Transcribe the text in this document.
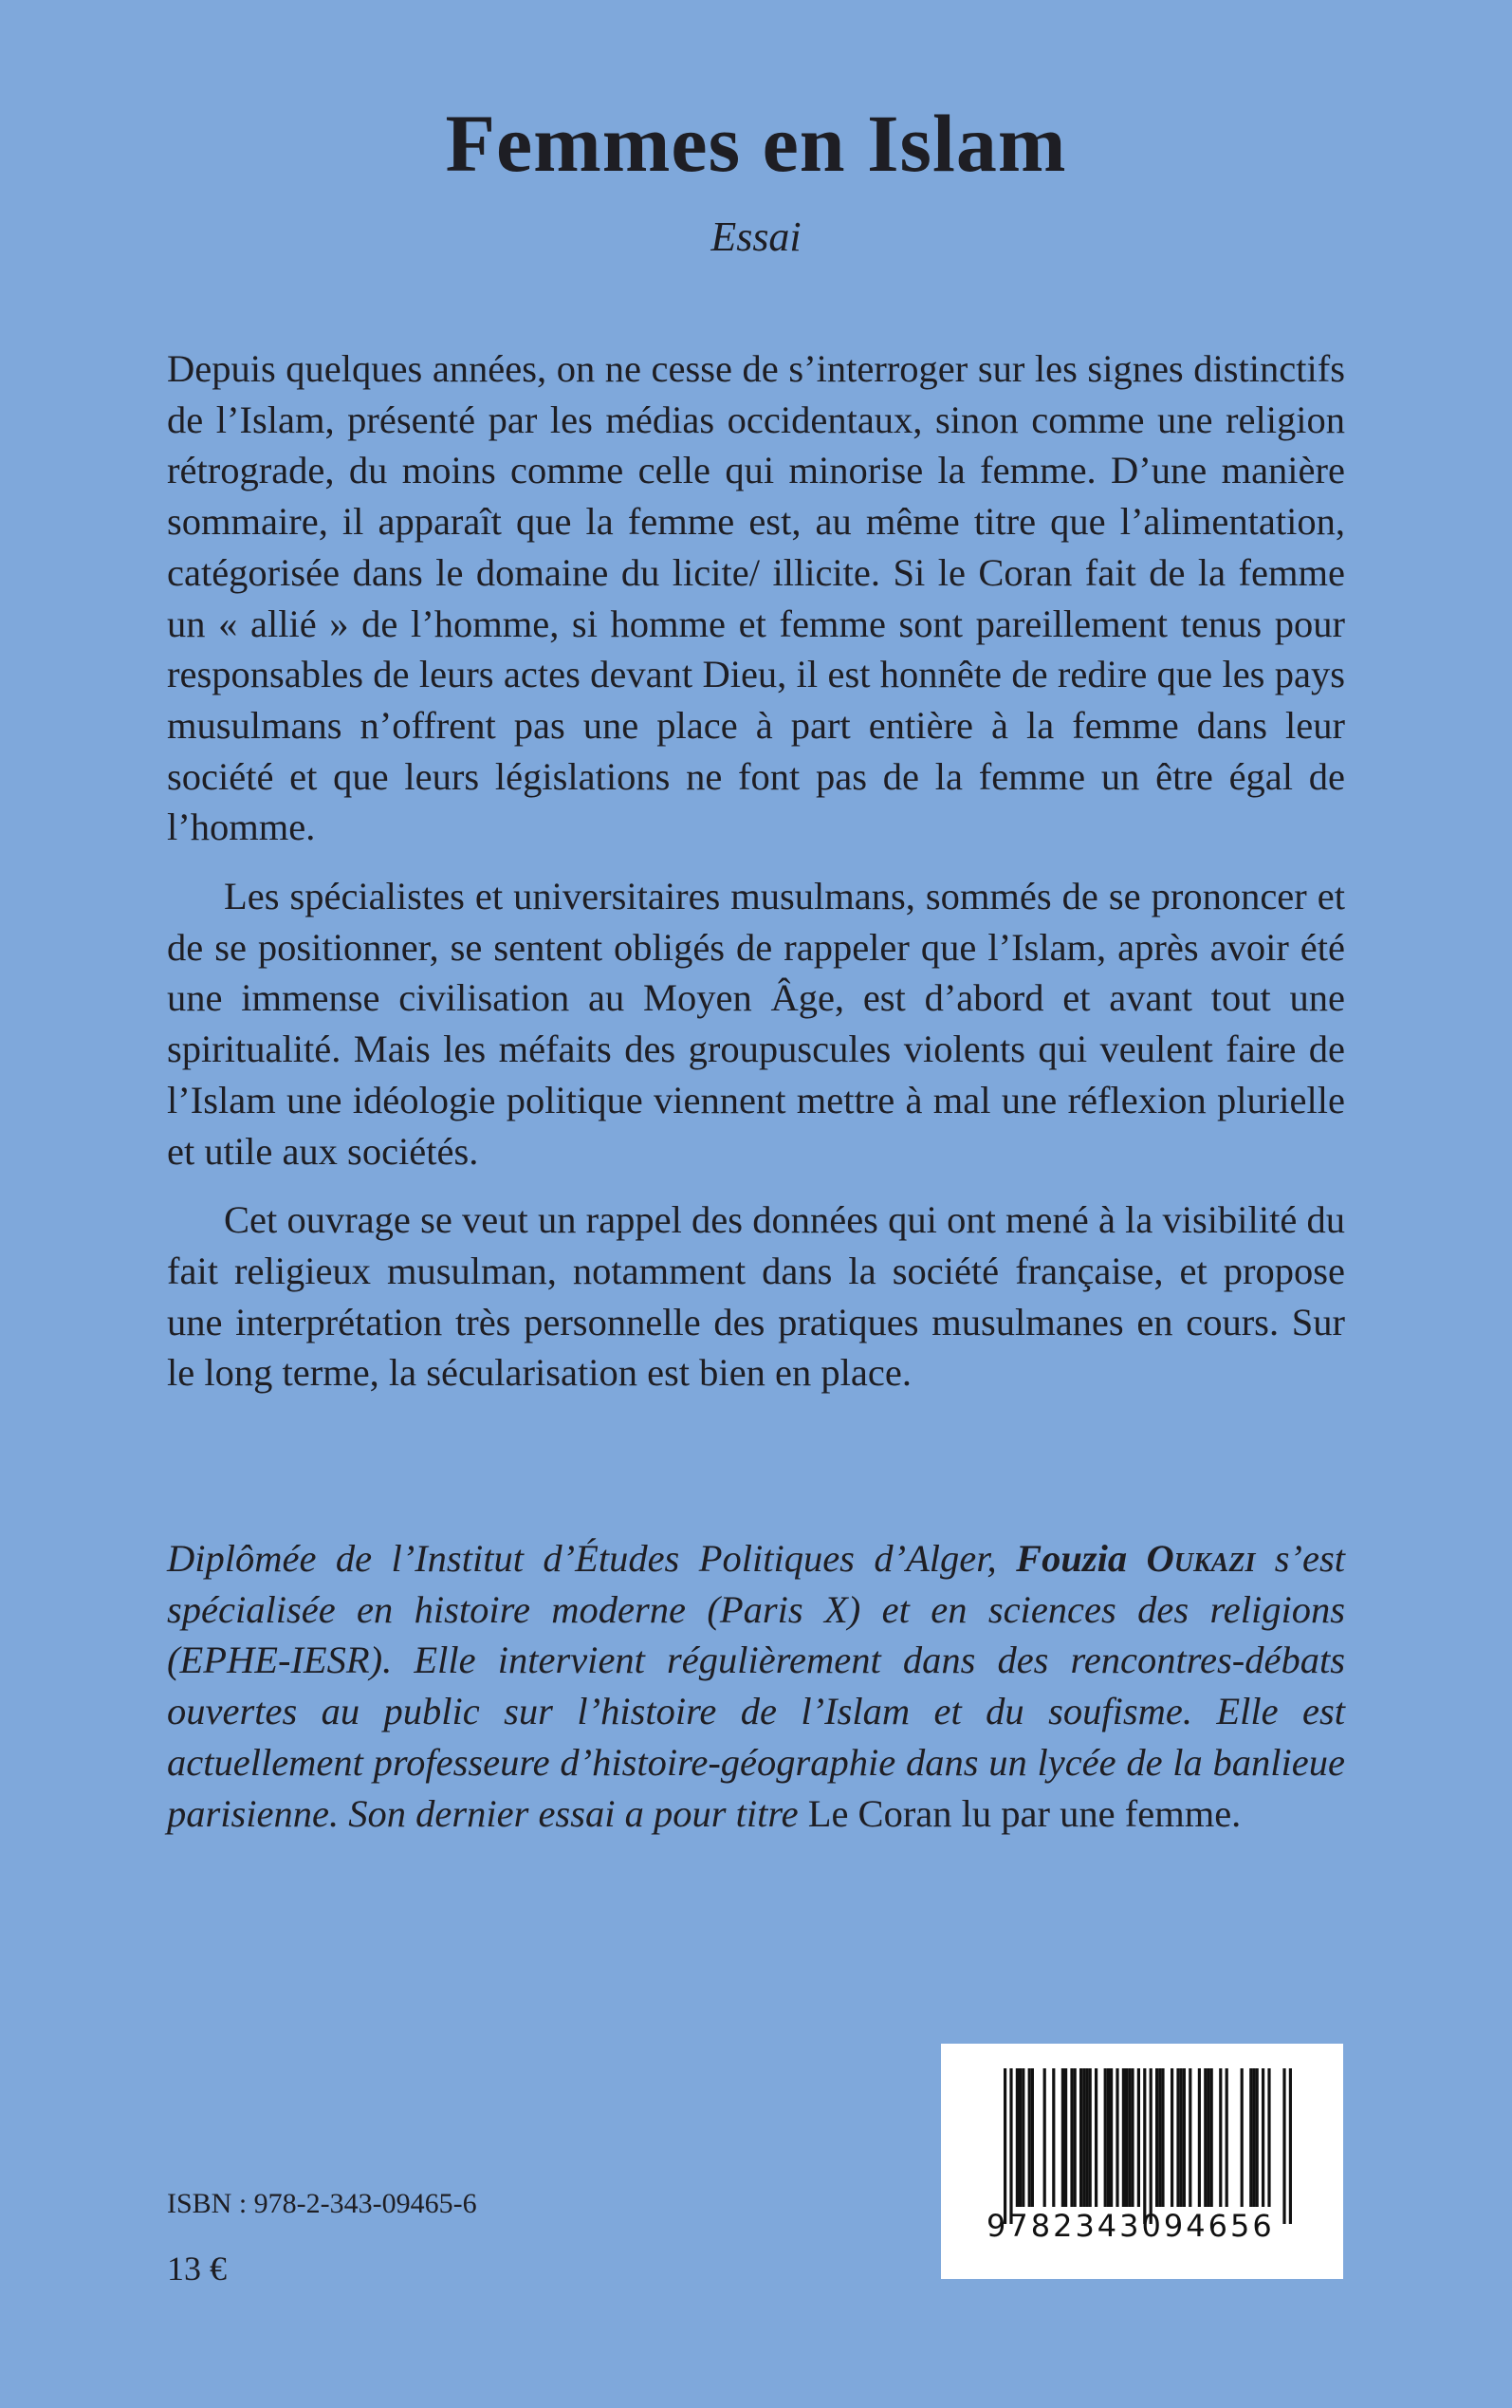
Femmes en Islam
Essai

Depuis quelques années, on ne cesse de s’interroger sur les signes distinctifs de l’Islam, présenté par les médias occidentaux, sinon comme une religion rétrograde, du moins comme celle qui minorise la femme. D’une manière sommaire, il apparaît que la femme est, au même titre que l’alimentation, catégorisée dans le domaine du licite/ illicite. Si le Coran fait de la femme un « allié » de l’homme, si homme et femme sont pareillement tenus pour responsables de leurs actes devant Dieu, il est honnête de redire que les pays musulmans n’offrent pas une place à part entière à la femme dans leur société et que leurs législations ne font pas de la femme un être égal de l’homme.

Les spécialistes et universitaires musulmans, sommés de se prononcer et de se positionner, se sentent obligés de rappeler que l’Islam, après avoir été une immense civilisation au Moyen Âge, est d’abord et avant tout une spiritualité. Mais les méfaits des groupuscules violents qui veulent faire de l’Islam une idéologie politique viennent mettre à mal une réflexion plurielle et utile aux sociétés.

Cet ouvrage se veut un rappel des données qui ont mené à la visibilité du fait religieux musulman, notamment dans la société française, et propose une interprétation très personnelle des pratiques musulmanes en cours. Sur le long terme, la sécularisation est bien en place.

Diplômée de l’Institut d’Études Politiques d’Alger, Fouzia Oukazi s’est spécialisée en histoire moderne (Paris X) et en sciences des religions (EPHE-IESR). Elle intervient régulièrement dans des rencontres-débats ouvertes au public sur l’histoire de l’Islam et du soufisme. Elle est actuellement professeure d’histoire-géographie dans un lycée de la banlieue parisienne. Son dernier essai a pour titre Le Coran lu par une femme.
ISBN : 978-2-343-09465-6
13 €
9782343094656
